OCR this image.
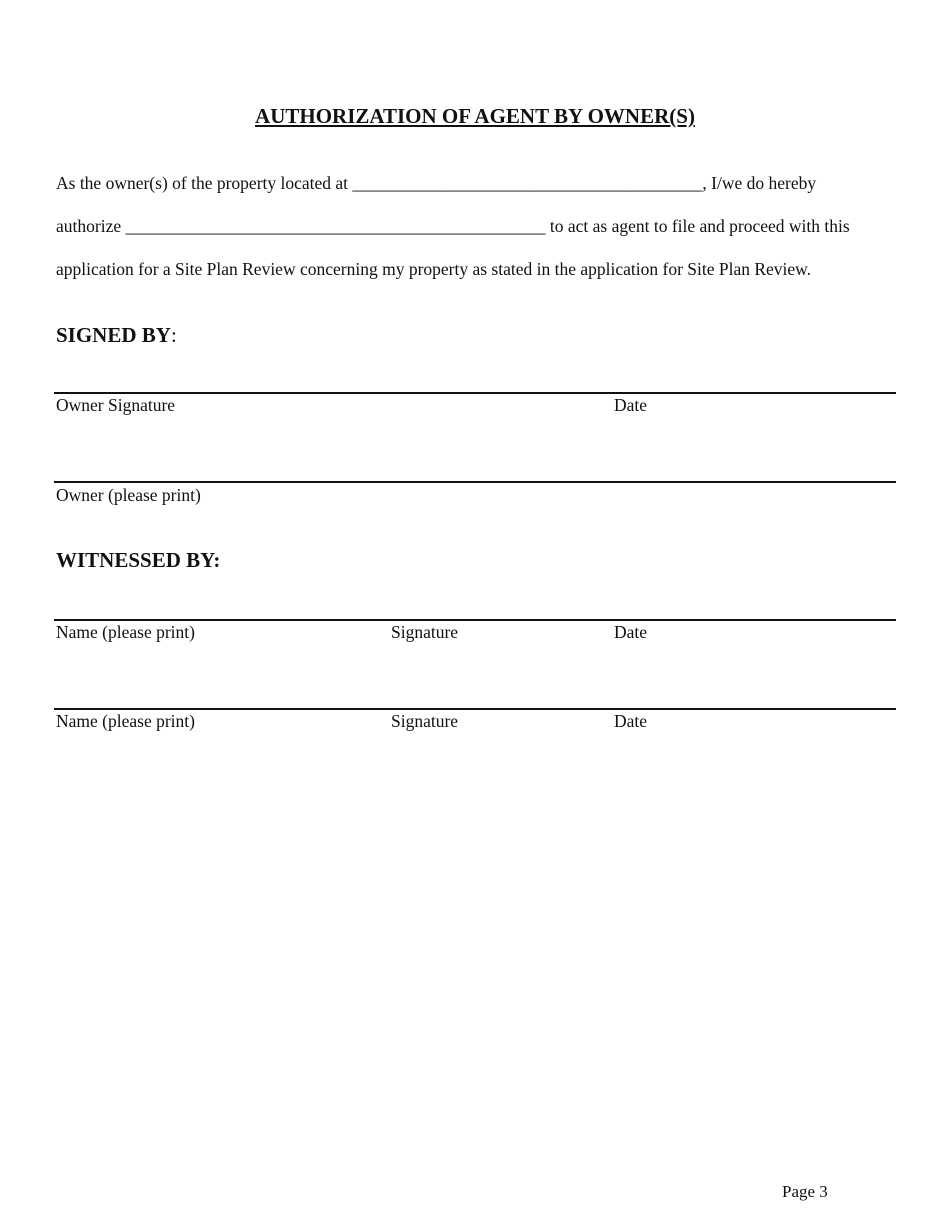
AUTHORIZATION OF AGENT BY OWNER(S)
As the owner(s) of the property located at ________________________________________, I/we do hereby
authorize ________________________________________________ to act as agent to file and proceed with this
application for a Site Plan Review concerning my property as stated in the application for Site Plan Review.
SIGNED BY:
Owner Signature	Date
Owner (please print)
WITNESSED BY:
Name (please print)	Signature	Date
Name (please print)	Signature	Date
Page 3
